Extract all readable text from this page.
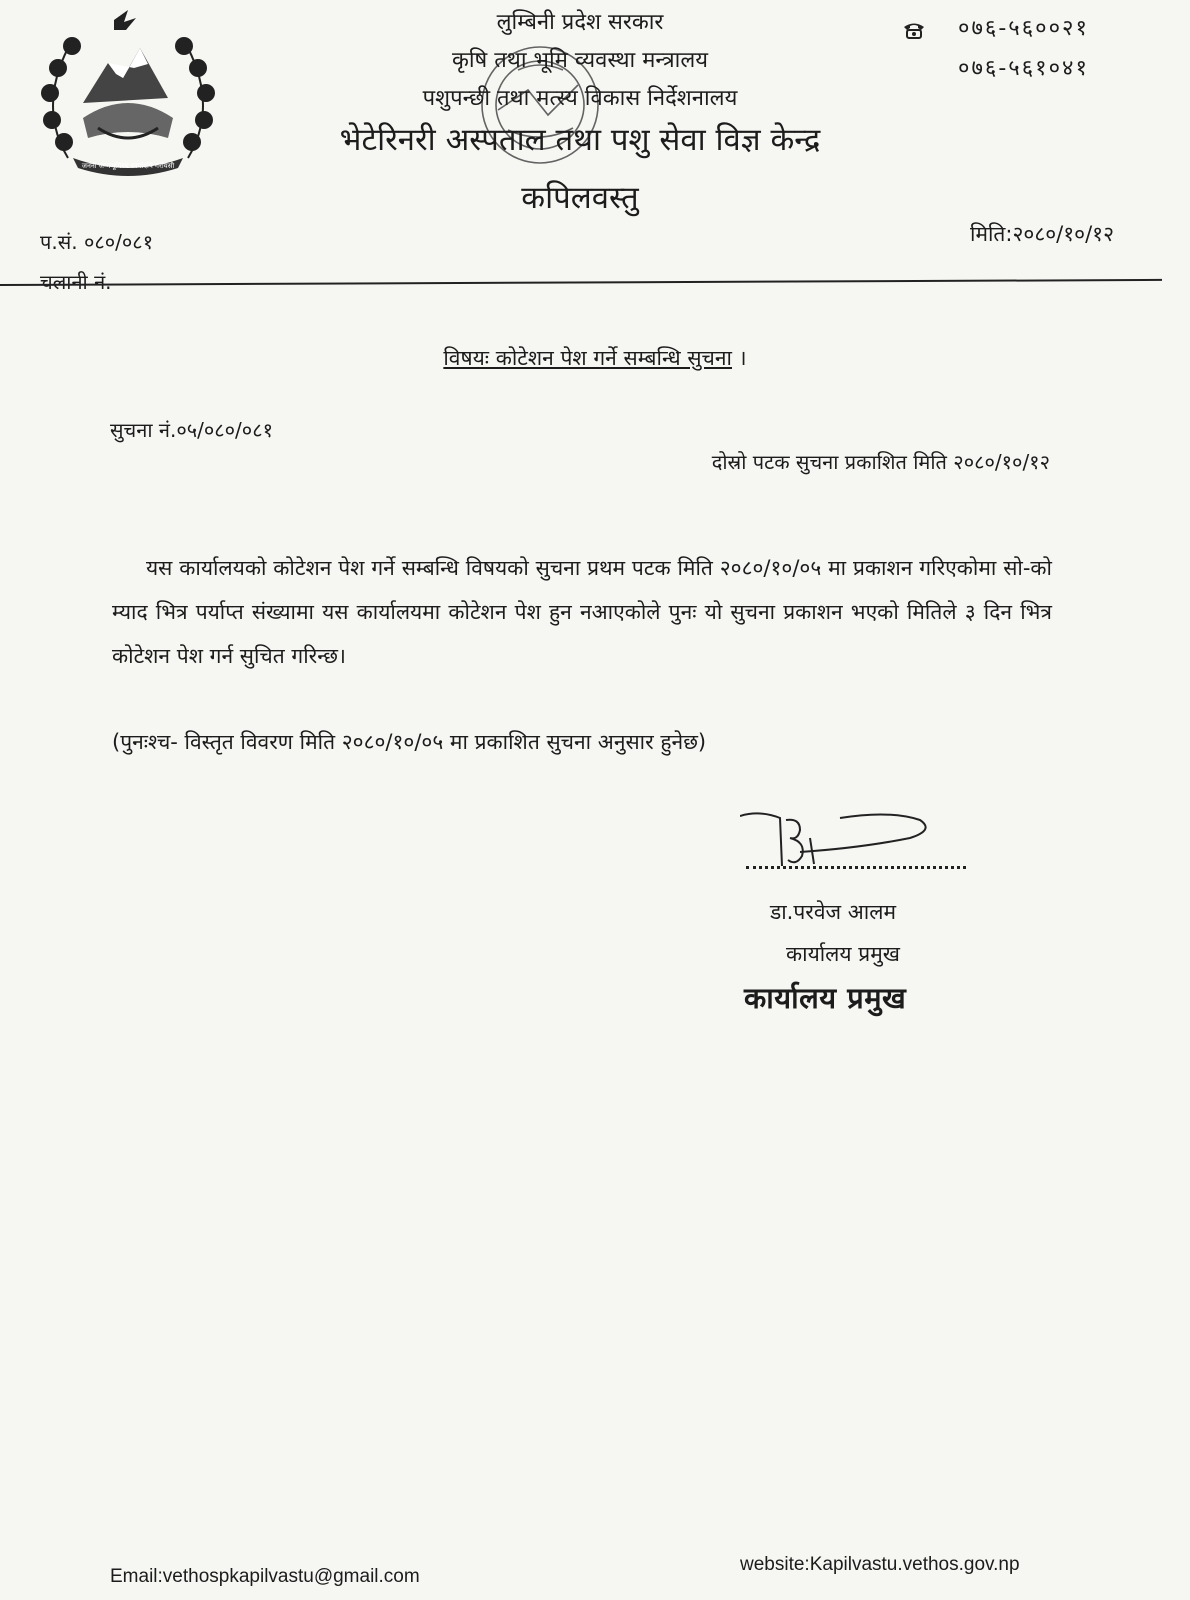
जननी जन्मभूमिश्च स्वर्गादपि गरीयसी
लुम्बिनी प्रदेश सरकार
कृषि तथा भूमि व्यवस्था मन्त्रालय
पशुपन्छी तथा मत्स्य विकास निर्देशनालय
भेटेरिनरी अस्पताल तथा पशु सेवा विज्ञ केन्द्र
कपिलवस्तु
०७६-५६००२१
०७६-५६१०४१
प.सं. ०८०/०८१
चलानी नं.
मिति:२०८०/१०/१२
विषयः कोटेशन पेश गर्ने सम्बन्धि सुचना ।
सुचना नं.०५/०८०/०८१
दोस्रो पटक सुचना प्रकाशित मिति २०८०/१०/१२

यस कार्यालयको कोटेशन पेश गर्ने सम्बन्धि विषयको सुचना प्रथम पटक मिति २०८०/१०/०५ मा प्रकाशन गरिएकोमा सो-को म्याद भित्र पर्याप्त संख्यामा यस कार्यालयमा कोटेशन पेश हुन नआएकोले पुनः यो सुचना प्रकाशन भएको मितिले ३ दिन भित्र कोटेशन पेश गर्न सुचित गरिन्छ।

(पुनःश्च- विस्तृत विवरण मिति २०८०/१०/०५ मा प्रकाशित सुचना अनुसार हुनेछ)
डा.परवेज आलम
कार्यालय प्रमुख
कार्यालय प्रमुख
Email:vethospkapilvastu@gmail.com
website:Kapilvastu.vethos.gov.np
